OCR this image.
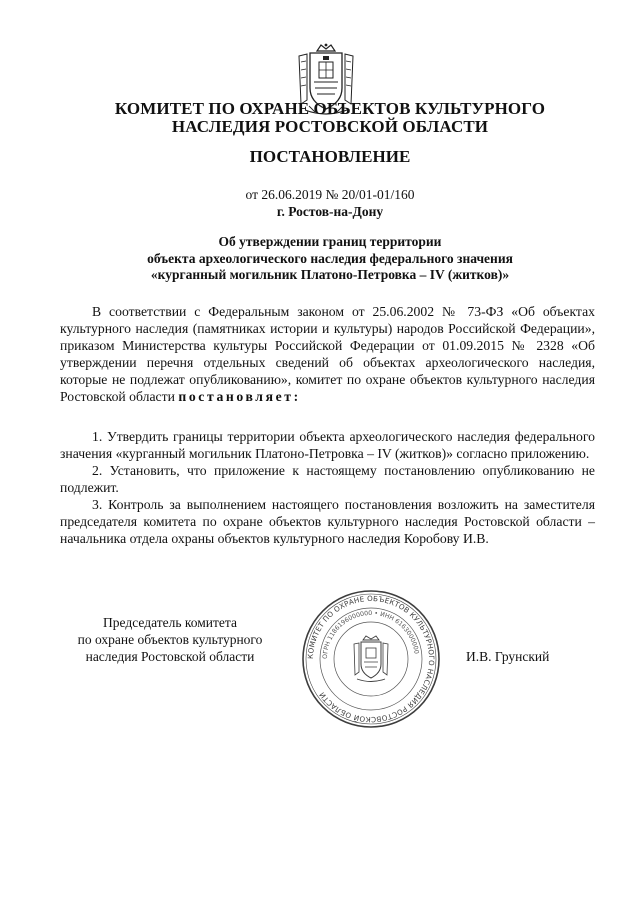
КОМИТЕТ ПО ОХРАНЕ ОБЪЕКТОВ КУЛЬТУРНОГО
НАСЛЕДИЯ РОСТОВСКОЙ ОБЛАСТИ
ПОСТАНОВЛЕНИЕ
от 26.06.2019 № 20/01-01/160
г. Ростов-на-Дону
Об утверждении границ территории
объекта археологического наследия федерального значения
«курганный могильник Платоно-Петровка – IV (житков)»

В соответствии с Федеральным законом от 25.06.2002 № 73-ФЗ «Об объектах культурного наследия (памятниках истории и культуры) народов Российской Федерации», приказом Министерства культуры Российской Федерации от 01.09.2015 № 2328 «Об утверждении перечня отдельных сведений об объектах археологического наследия, которые не подлежат опубликованию», комитет по охране объектов культурного наследия Ростовской области постановляет:

1. Утвердить границы территории объекта археологического наследия федерального значения «курганный могильник Платоно-Петровка – IV (житков)» согласно приложению.

2. Установить, что приложение к настоящему постановлению опубликованию не подлежит.

3. Контроль за выполнением настоящего постановления возложить на заместителя председателя комитета по охране объектов культурного наследия Ростовской области – начальника отдела охраны объектов культурного наследия Коробову И.В.

Председатель комитета
по охране объектов культурного
наследия Ростовской области	КОМИТЕТ ПО ОХРАНЕ ОБЪЕКТОВ КУЛЬТУРНОГО НАСЛЕДИЯ РОСТОВСКОЙ ОБЛАСТИ
ОГРН 1186196000000 • ИНН 6163000000	И.В. Грунский
